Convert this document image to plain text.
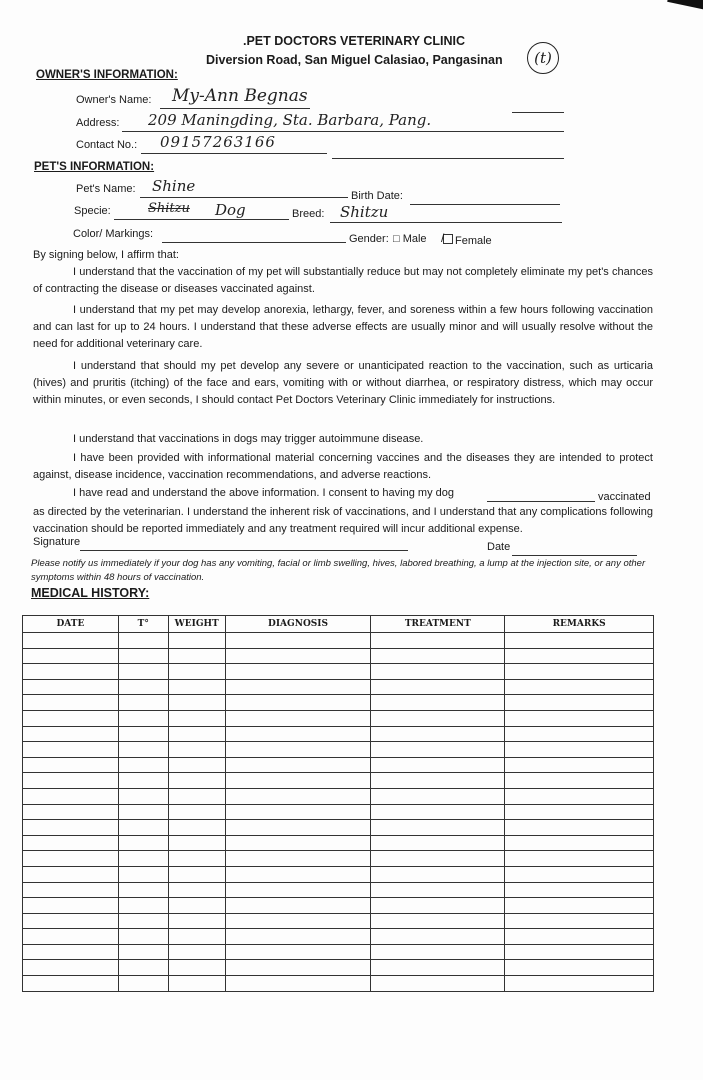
.PET DOCTORS VETERINARY CLINIC
Diversion Road, San Miguel Calasiao, Pangasinan	(t)
OWNER'S INFORMATION:
Owner's Name: My-Ann Begnas
Address: 209 Maningding, Sta. Barbara, Pang.
Contact No.: 09157263166
PET'S INFORMATION:
Pet's Name: Shine
Birth Date:
Specie:	Shitzu Dog	Breed: Shitzu
Color/ Markings:	Gender: □ Male / Female
By signing below, I affirm that:
I understand that the vaccination of my pet will substantially reduce but may not completely eliminate my pet's chances of contracting the disease or diseases vaccinated against.
I understand that my pet may develop anorexia, lethargy, fever, and soreness within a few hours following vaccination and can last for up to 24 hours. I understand that these adverse effects are usually minor and will usually resolve without the need for additional veterinary care.
I understand that should my pet develop any severe or unanticipated reaction to the vaccination, such as urticaria (hives) and pruritis (itching) of the face and ears, vomiting with or without diarrhea, or respiratory distress, which may occur within minutes, or even seconds, I should contact Pet Doctors Veterinary Clinic immediately for instructions.
I understand that vaccinations in dogs may trigger autoimmune disease.
I have been provided with informational material concerning vaccines and the diseases they are intended to protect against, disease incidence, vaccination recommendations, and adverse reactions.
I have read and understand the above information. I consent to having my dog	vaccinated
as directed by the veterinarian. I understand the inherent risk of vaccinations, and I understand that any complications following vaccination should be reported immediately and any treatment required will incur additional expense.
Signature	Date
Please notify us immediately if your dog has any vomiting, facial or limb swelling, hives, labored breathing, a lump at the injection site, or any other symptoms within 48 hours of vaccination.
MEDICAL HISTORY:
DATE	T°	WEIGHT	DIAGNOSIS	TREATMENT	REMARKS
